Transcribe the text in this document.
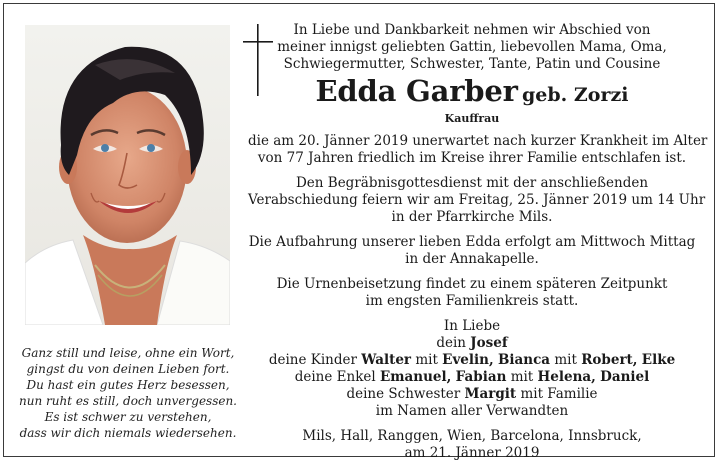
Ganz still und leise, ohne ein Wort,
gingst du von deinen Lieben fort.
Du hast ein gutes Herz besessen,
nun ruht es still, doch unvergessen.
Es ist schwer zu verstehen,
dass wir dich niemals wiedersehen.
In Liebe und Dankbarkeit nehmen wir Abschied von
meiner innigst geliebten Gattin, liebevollen Mama, Oma,
Schwiegermutter, Schwester, Tante, Patin und Cousine
Edda Garber geb. Zorzi
Kauffrau
die am 20. Jänner 2019 unerwartet nach kurzer Krankheit im Alter
von 77 Jahren friedlich im Kreise ihrer Familie entschlafen ist.
Den Begräbnisgottesdienst mit der anschließenden
Verabschiedung feiern wir am Freitag, 25. Jänner 2019 um 14 Uhr
in der Pfarrkirche Mils.
Die Aufbahrung unserer lieben Edda erfolgt am Mittwoch Mittag
in der Annakapelle.
Die Urnenbeisetzung findet zu einem späteren Zeitpunkt
im engsten Familienkreis statt.
In Liebe
dein Josef
deine Kinder Walter mit Evelin, Bianca mit Robert, Elke
deine Enkel Emanuel, Fabian mit Helena, Daniel
deine Schwester Margit mit Familie
im Namen aller Verwandten
Mils, Hall, Ranggen, Wien, Barcelona, Innsbruck,
am 21. Jänner 2019
